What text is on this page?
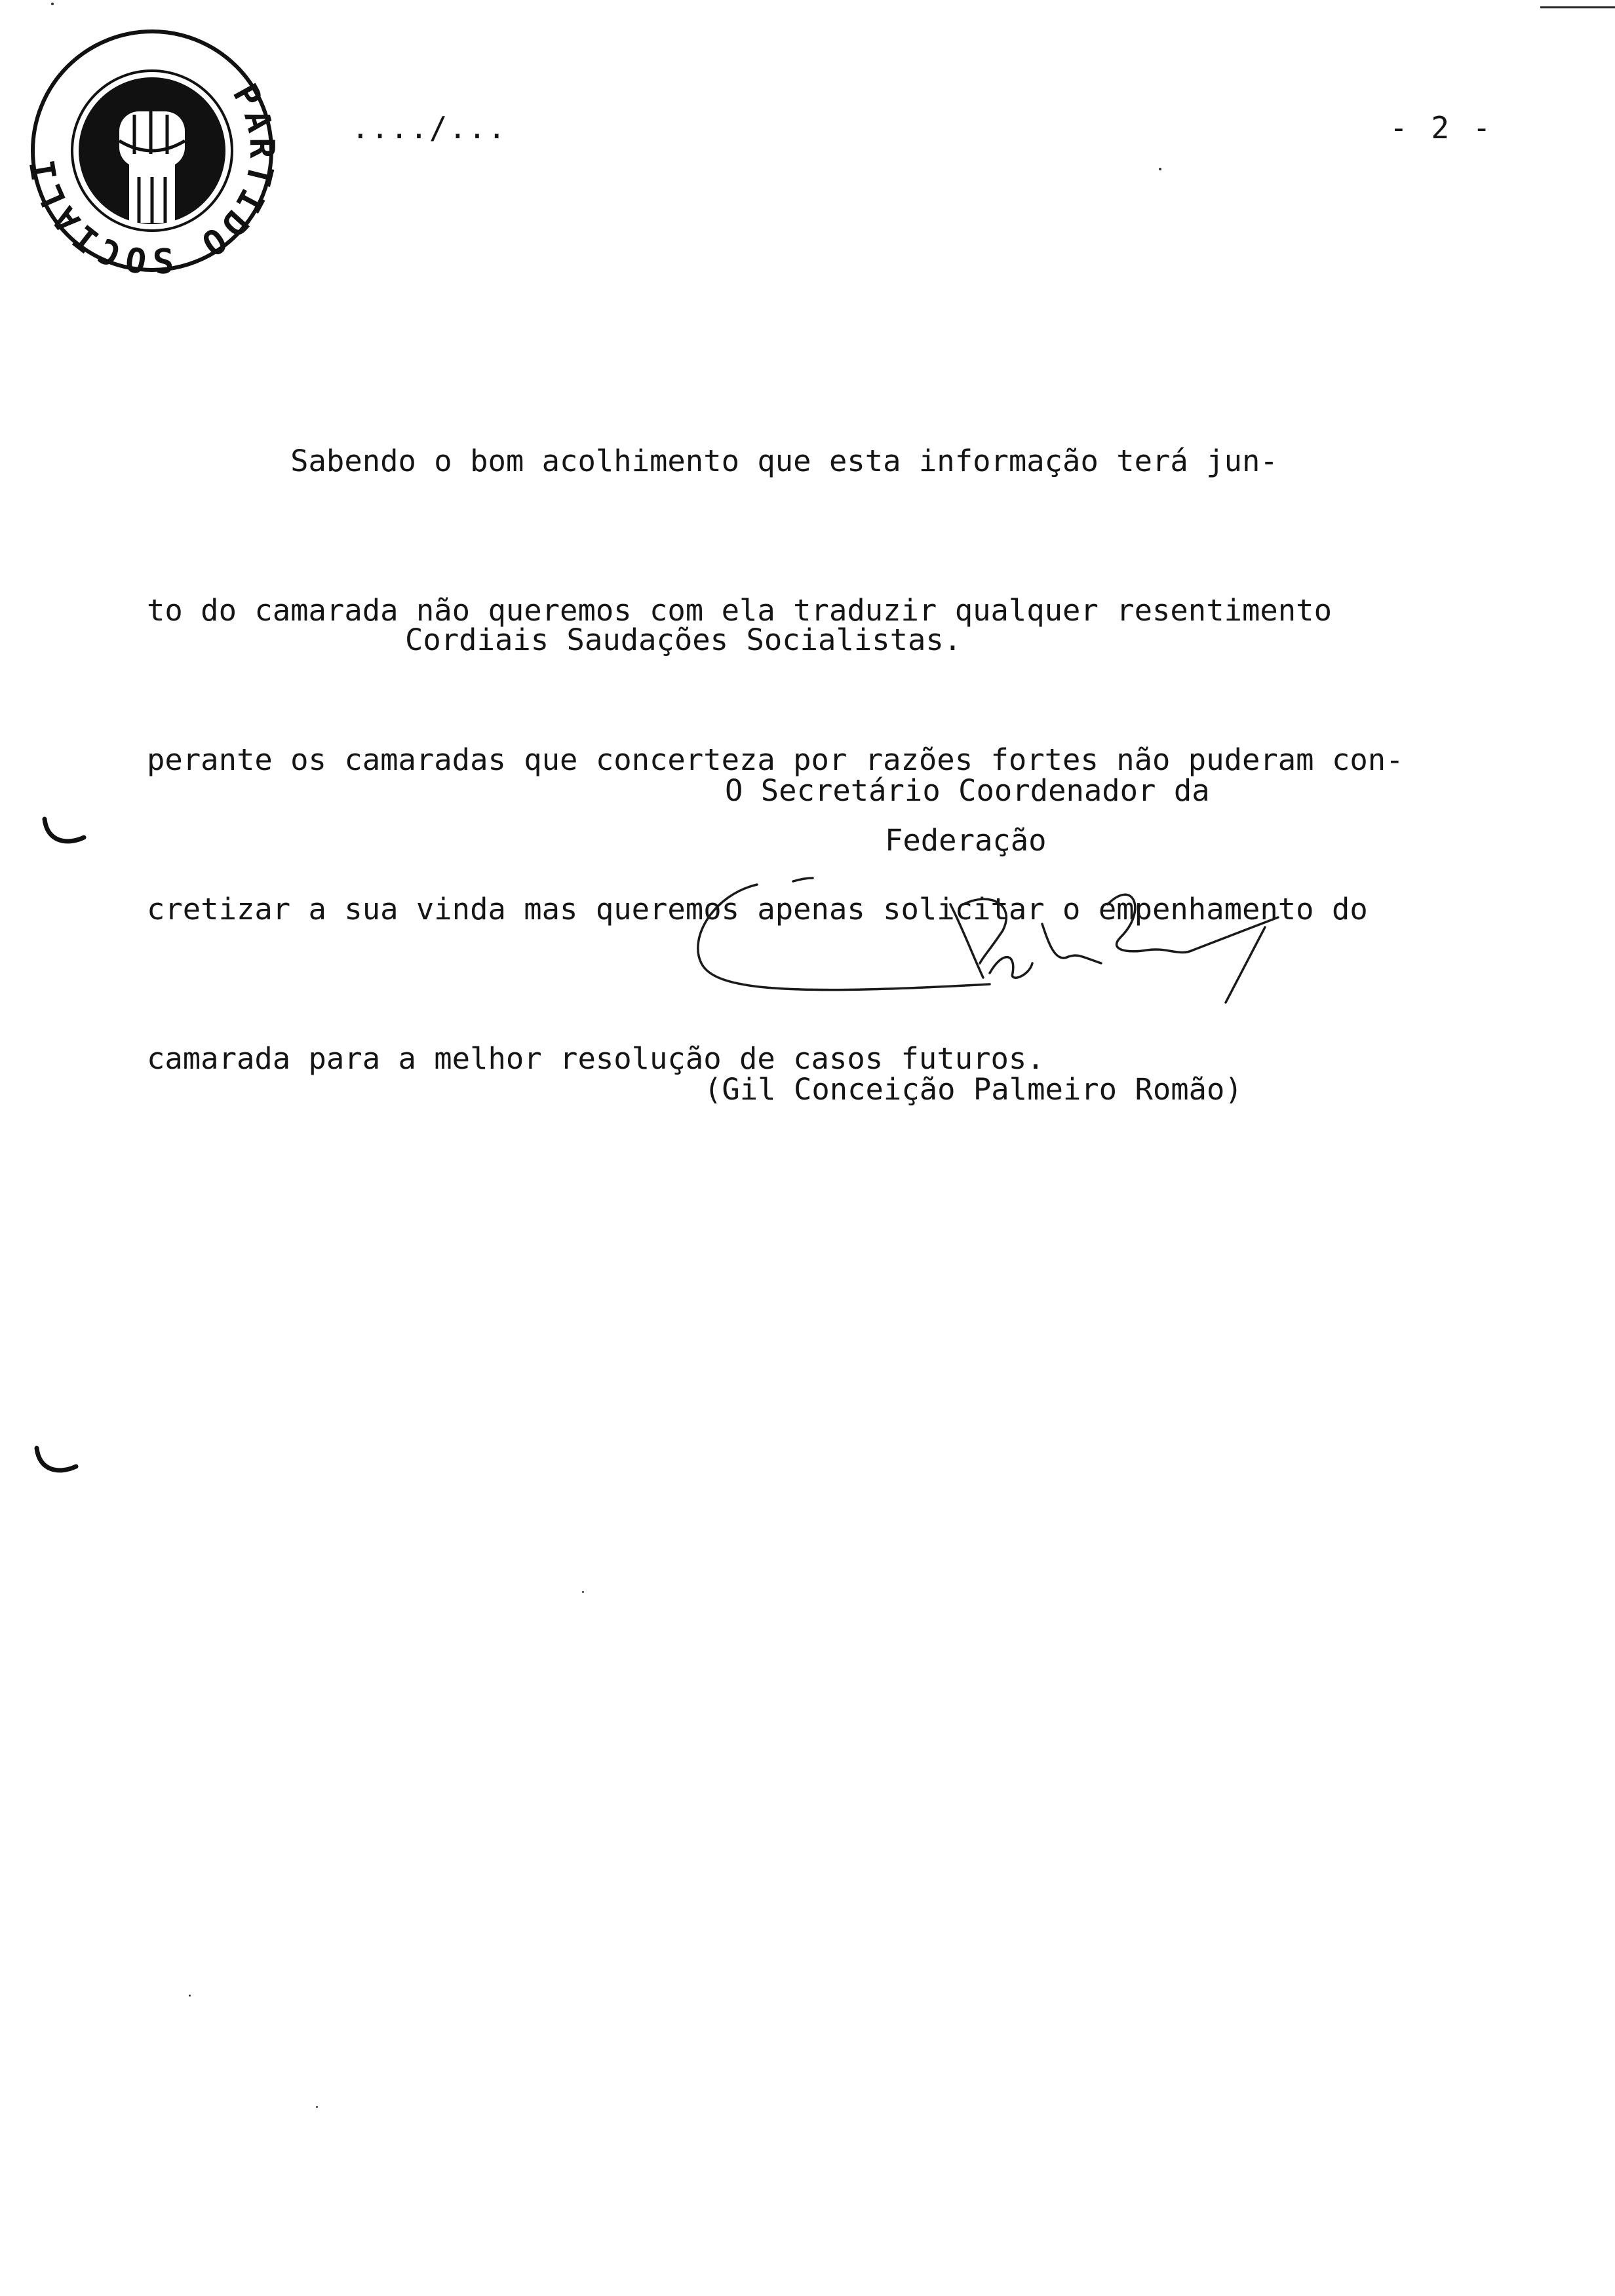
PA TIDO SOCIAL
..../...	- 2 -

Sabendo o bom acolhimento que esta informação terá jun-

to do camarada não queremos com ela traduzir qualquer resentimento

perante os camaradas que concerteza por razões fortes não puderam con-

cretizar a sua vinda mas queremos apenas solicitar o empenhamento do

camarada para a melhor resolução de casos futuros.

Cordiais Saudações Socialistas.
O Secretário Coordenador da
Federação
(Gil Conceição Palmeiro Romão)
